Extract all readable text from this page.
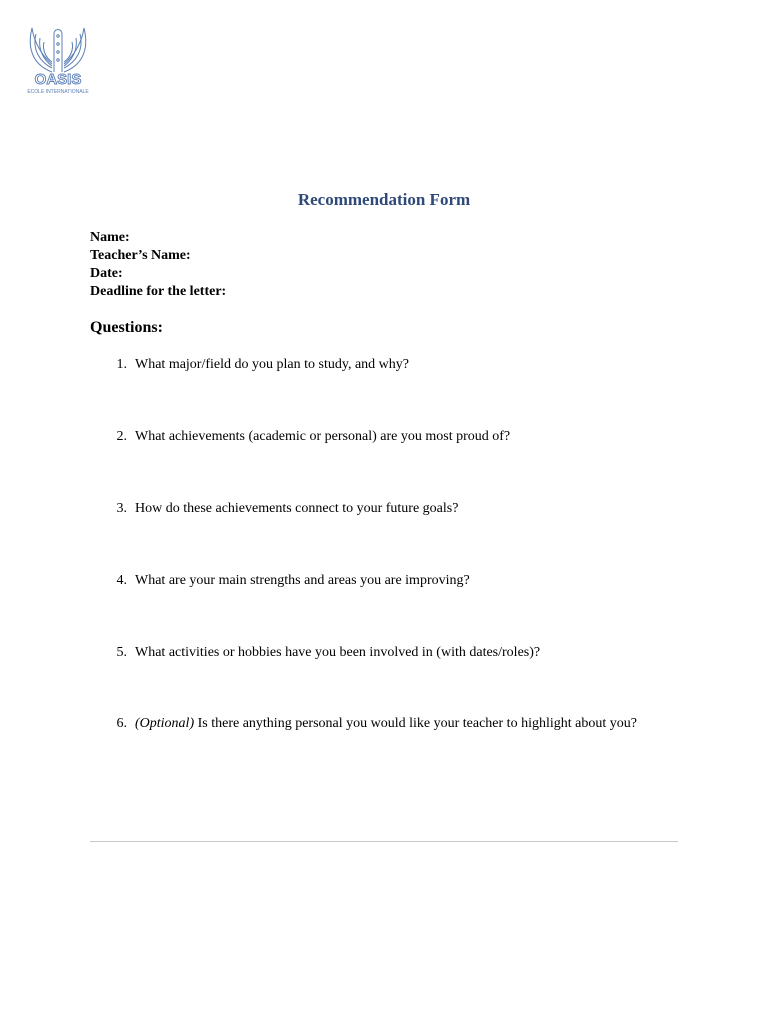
OASIS
ECOLE INTERNATIONALE
Recommendation Form
Name:
Teacher’s Name:
Date:
Deadline for the letter:
Questions:
1. What major/field do you plan to study, and why?
2. What achievements (academic or personal) are you most proud of?
3. How do these achievements connect to your future goals?
4. What are your main strengths and areas you are improving?
5. What activities or hobbies have you been involved in (with dates/roles)?
6. (Optional) Is there anything personal you would like your teacher to highlight about you?
